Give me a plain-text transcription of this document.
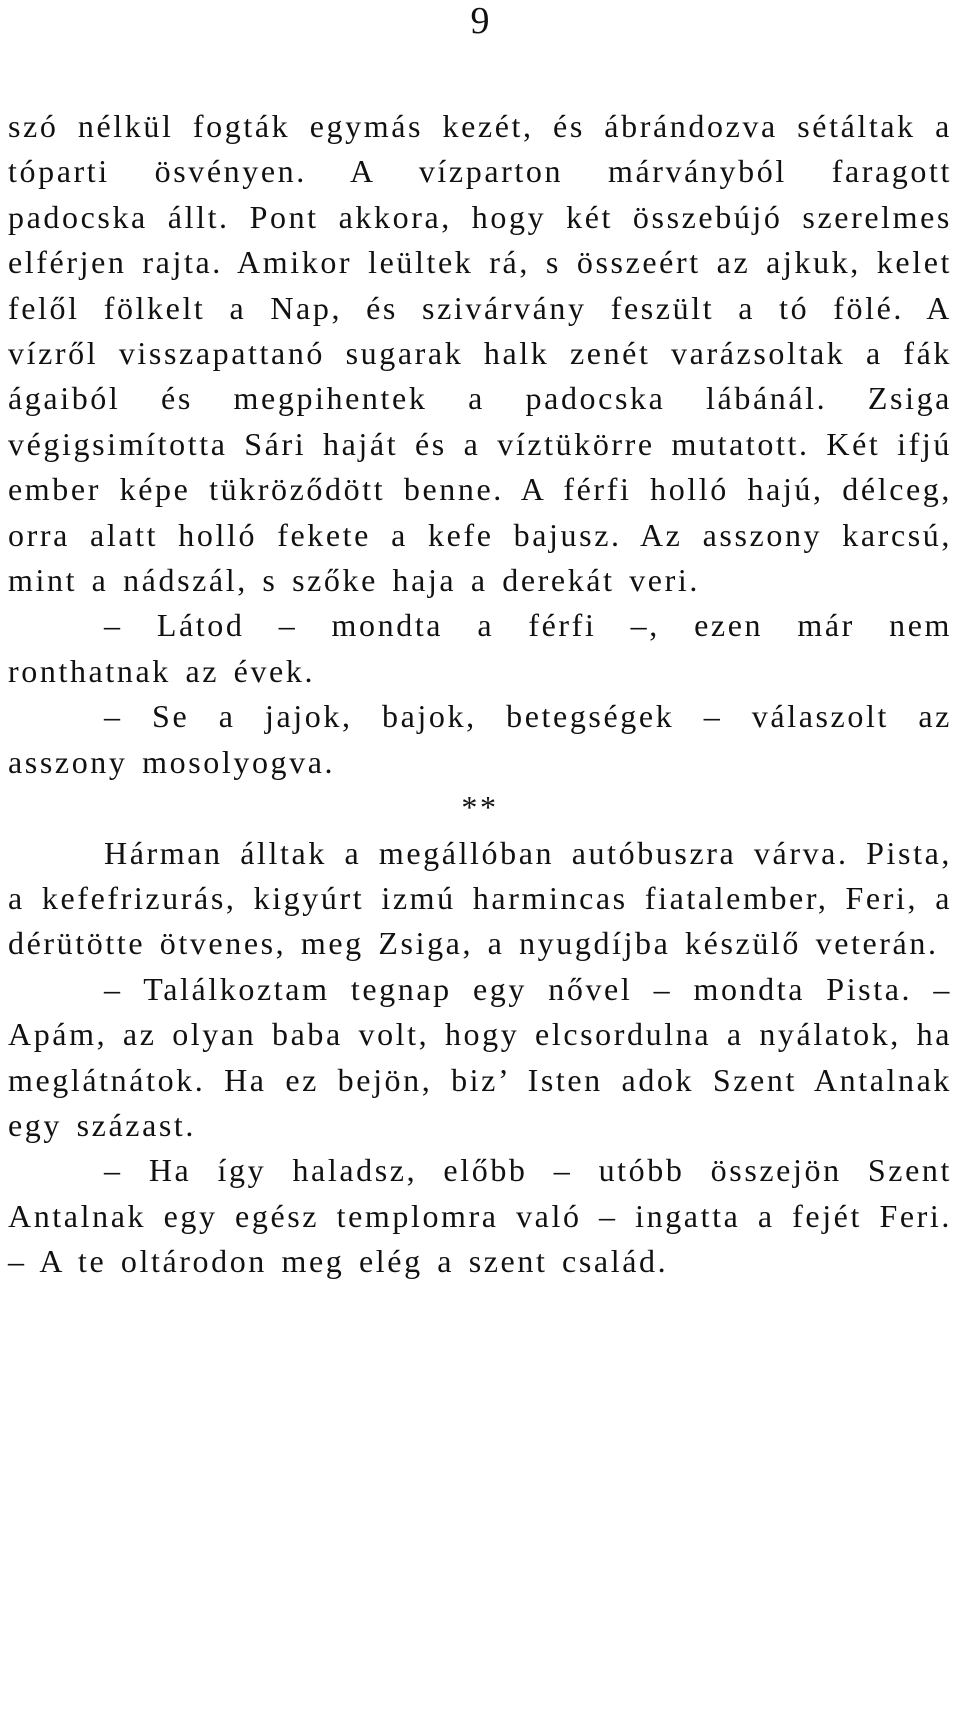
9

szó nélkül fogták egymás kezét, és ábrándozva sétáltak a tóparti ösvényen. A vízparton márványból faragott padocska állt. Pont akkora, hogy két összebújó szerelmes elférjen rajta. Amikor leültek rá, s összeért az ajkuk, kelet felől fölkelt a Nap, és szivárvány feszült a tó fölé. A vízről visszapattanó sugarak halk zenét varázsoltak a fák ágaiból és megpihentek a padocska lábánál. Zsiga végigsimította Sári haját és a víztükörre mutatott. Két ifjú ember képe tükröződött benne. A férfi holló hajú, délceg, orra alatt holló fekete a kefe bajusz. Az asszony karcsú, mint a nádszál, s szőke haja a derekát veri.

– Látod – mondta a férfi –, ezen már nem ronthatnak az évek.

– Se a jajok, bajok, betegségek – válaszolt az asszony mosolyogva.

**

Hárman álltak a megállóban autóbuszra várva. Pista, a kefefrizurás, kigyúrt izmú harmincas fiatalember, Feri, a dérütötte ötvenes, meg Zsiga, a nyugdíjba készülő veterán.

– Találkoztam tegnap egy nővel – mondta Pista. – Apám, az olyan baba volt, hogy elcsordulna a nyálatok, ha meglátnátok. Ha ez bejön, biz’ Isten adok Szent Antalnak egy százast.

– Ha így haladsz, előbb – utóbb összejön Szent Antalnak egy egész templomra való – ingatta a fejét Feri. – A te oltárodon meg elég a szent család.
